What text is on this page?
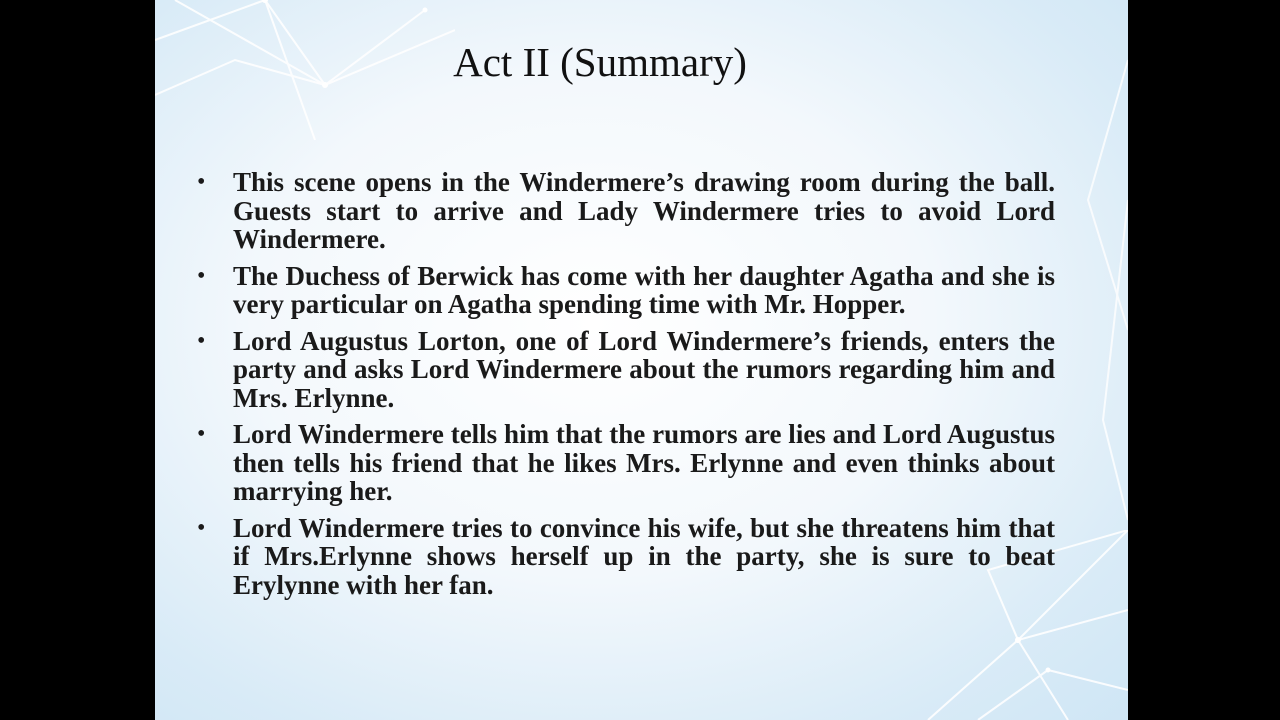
Act II (Summary)
• This scene opens in the Windermere’s drawing room during the ball. Guests start to arrive and Lady Windermere tries to avoid Lord Windermere.
• The Duchess of Berwick has come with her daughter Agatha and she is very particular on Agatha spending time with Mr. Hopper.
• Lord Augustus Lorton, one of Lord Windermere’s friends, enters the party and asks Lord Windermere about the rumors regarding him and Mrs. Erlynne.
• Lord Windermere tells him that the rumors are lies and Lord Augustus then tells his friend that he likes Mrs. Erlynne and even thinks about marrying her.
• Lord Windermere tries to convince his wife, but she threatens him that if Mrs.Erlynne shows herself up in the party, she is sure to beat Erylynne with her fan.
